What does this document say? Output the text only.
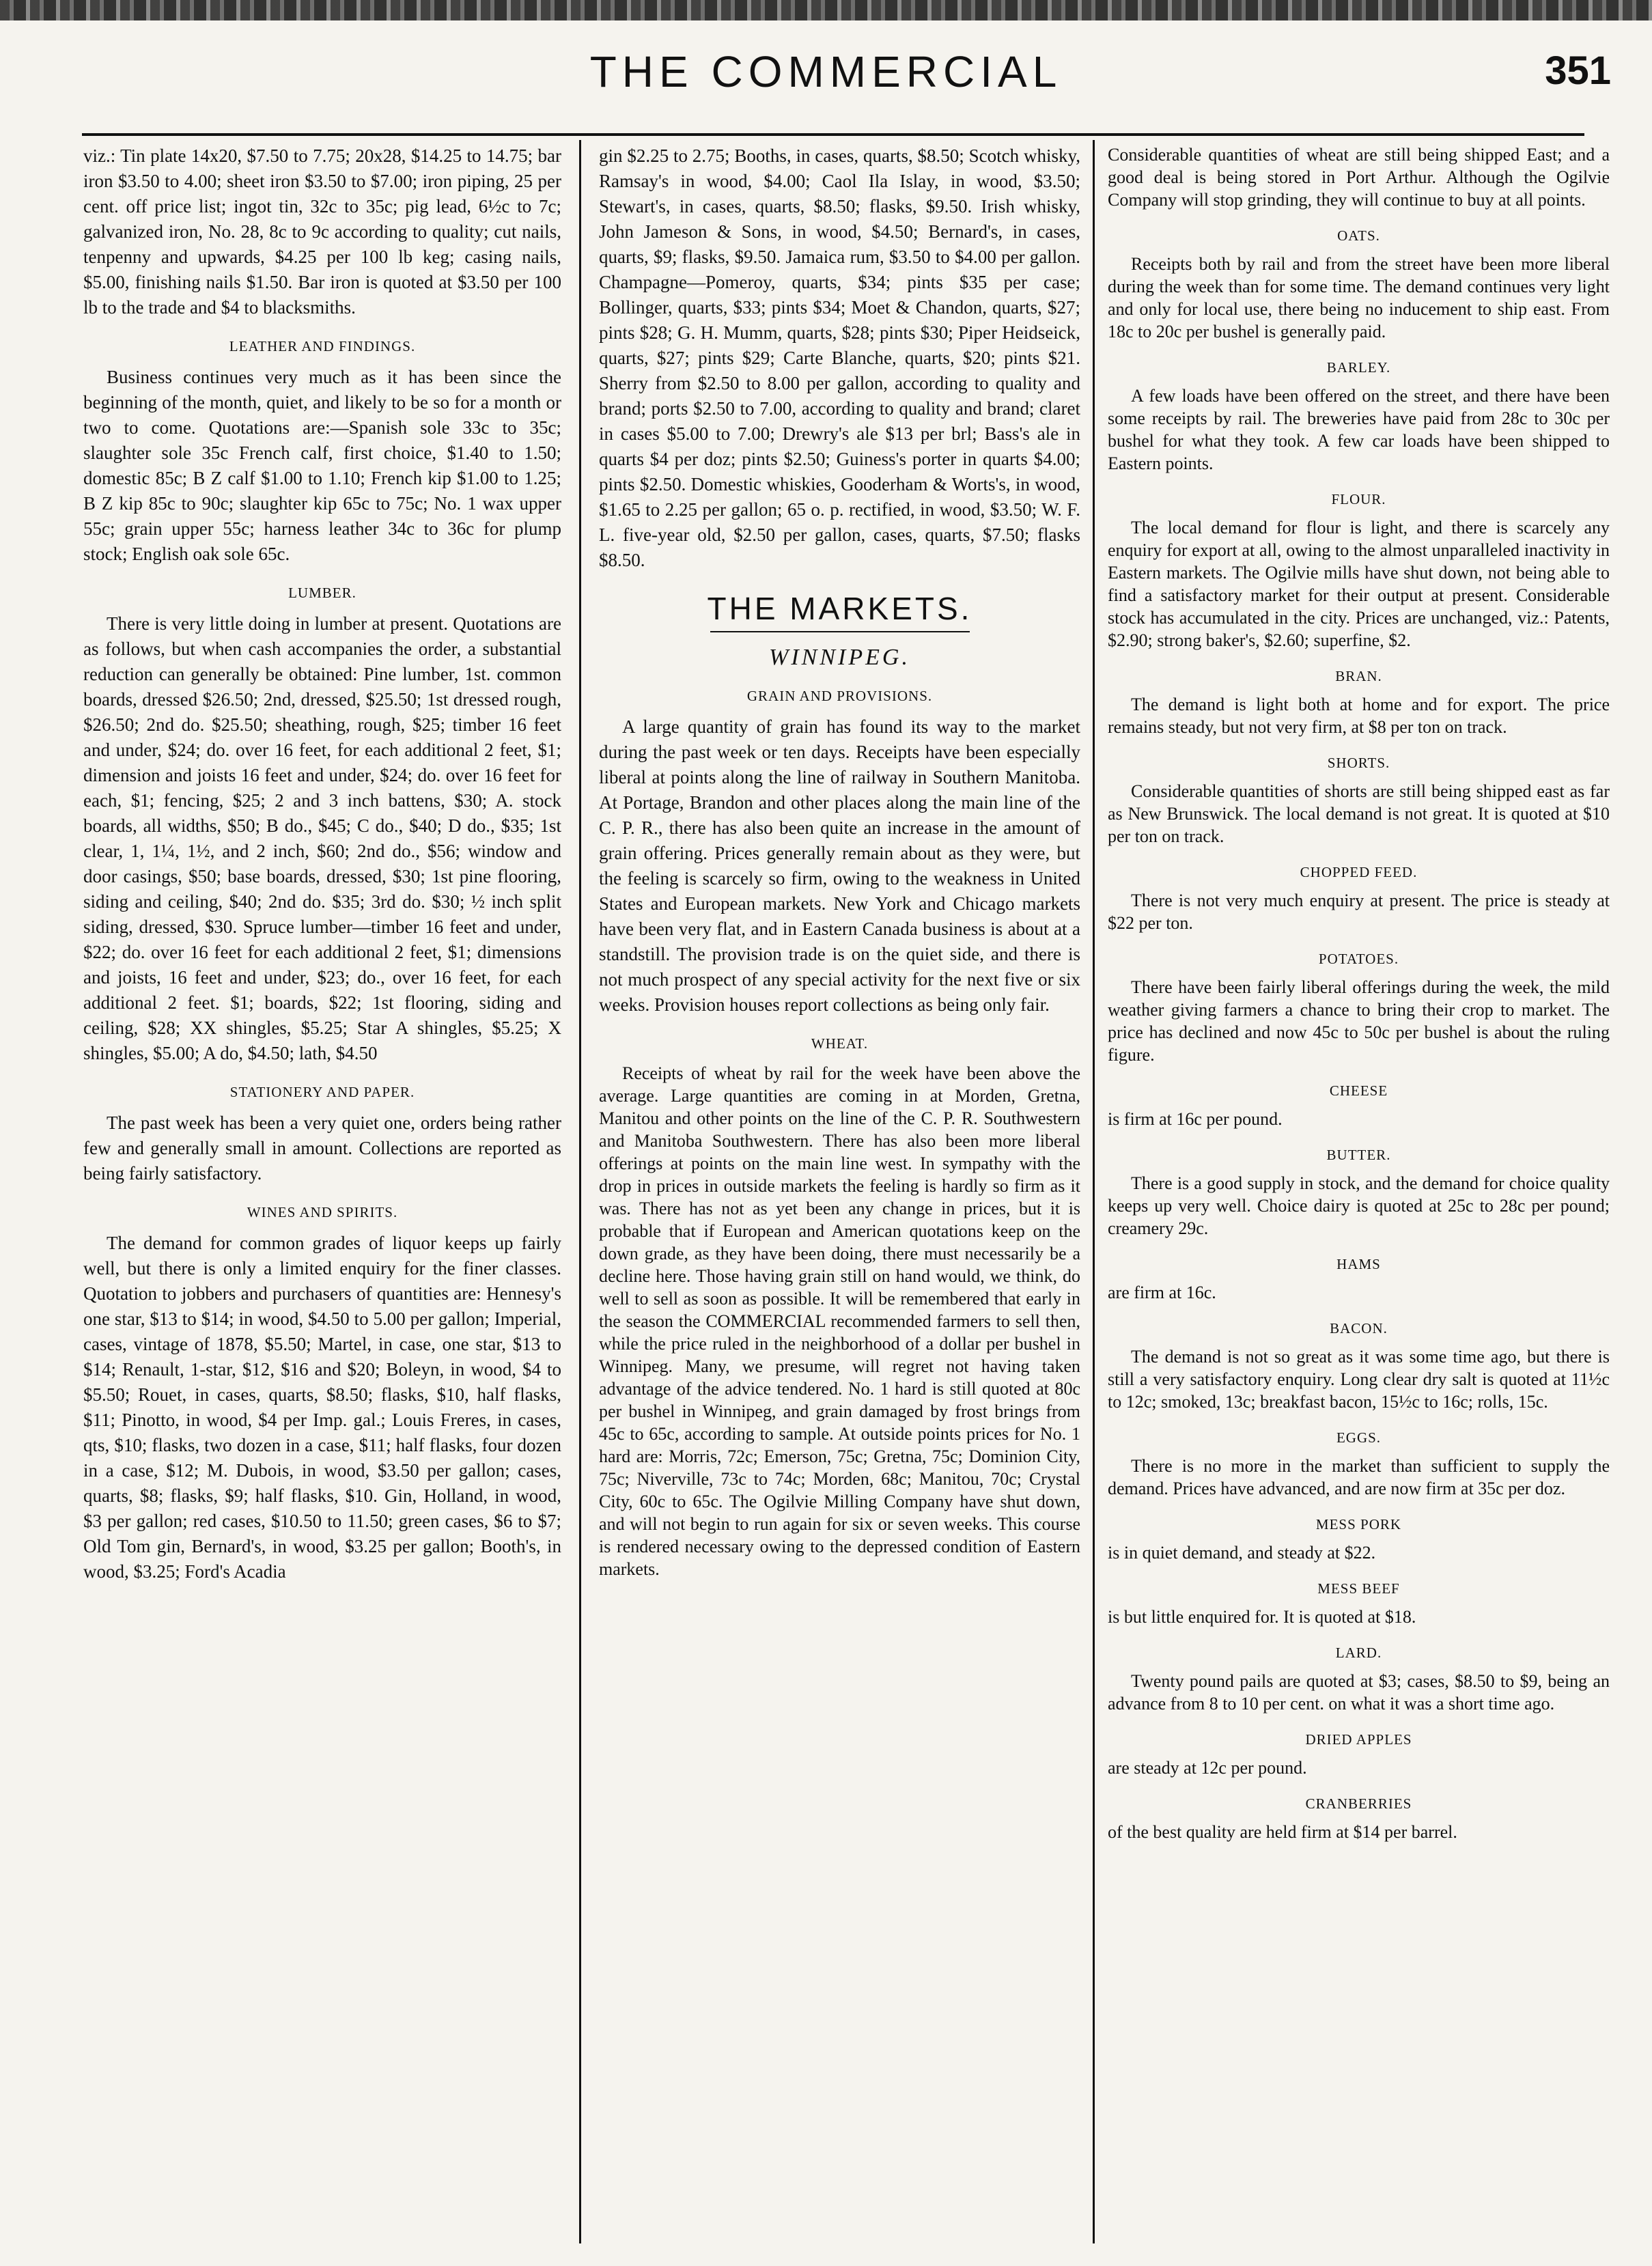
THE COMMERCIAL	351

viz.: Tin plate 14x20, $7.50 to 7.75; 20x28, $14.25 to 14.75; bar iron $3.50 to 4.00; sheet iron $3.50 to $7.00; iron piping, 25 per cent. off price list; ingot tin, 32c to 35c; pig lead, 6½c to 7c; galvanized iron, No. 28, 8c to 9c according to quality; cut nails, tenpenny and upwards, $4.25 per 100 lb keg; casing nails, $5.00, finishing nails $1.50. Bar iron is quoted at $3.50 per 100 lb to the trade and $4 to blacksmiths.

LEATHER AND FINDINGS.

Business continues very much as it has been since the beginning of the month, quiet, and likely to be so for a month or two to come. Quotations are:—Spanish sole 33c to 35c; slaughter sole 35c French calf, first choice, $1.40 to 1.50; domestic 85c; B Z calf $1.00 to 1.10; French kip $1.00 to 1.25; B Z kip 85c to 90c; slaughter kip 65c to 75c; No. 1 wax upper 55c; grain upper 55c; harness leather 34c to 36c for plump stock; English oak sole 65c.

LUMBER.

There is very little doing in lumber at present. Quotations are as follows, but when cash accompanies the order, a substantial reduction can generally be obtained: Pine lumber, 1st. common boards, dressed $26.50; 2nd, dressed, $25.50; 1st dressed rough, $26.50; 2nd do. $25.50; sheathing, rough, $25; timber 16 feet and under, $24; do. over 16 feet, for each additional 2 feet, $1; dimension and joists 16 feet and under, $24; do. over 16 feet for each, $1; fencing, $25; 2 and 3 inch battens, $30; A. stock boards, all widths, $50; B do., $45; C do., $40; D do., $35; 1st clear, 1, 1¼, 1½, and 2 inch, $60; 2nd do., $56; window and door casings, $50; base boards, dressed, $30; 1st pine flooring, siding and ceiling, $40; 2nd do. $35; 3rd do. $30; ½ inch split siding, dressed, $30. Spruce lumber—timber 16 feet and under, $22; do. over 16 feet for each additional 2 feet, $1; dimensions and joists, 16 feet and under, $23; do., over 16 feet, for each additional 2 feet. $1; boards, $22; 1st flooring, siding and ceiling, $28; XX shingles, $5.25; Star A shingles, $5.25; X shingles, $5.00; A do, $4.50; lath, $4.50

STATIONERY AND PAPER.

The past week has been a very quiet one, orders being rather few and generally small in amount. Collections are reported as being fairly satisfactory.

WINES AND SPIRITS.

The demand for common grades of liquor keeps up fairly well, but there is only a limited enquiry for the finer classes. Quotation to jobbers and purchasers of quantities are: Hennesy's one star, $13 to $14; in wood, $4.50 to 5.00 per gallon; Imperial, cases, vintage of 1878, $5.50; Martel, in case, one star, $13 to $14; Renault, 1-star, $12, $16 and $20; Boleyn, in wood, $4 to $5.50; Rouet, in cases, quarts, $8.50; flasks, $10, half flasks, $11; Pinotto, in wood, $4 per Imp. gal.; Louis Freres, in cases, qts, $10; flasks, two dozen in a case, $11; half flasks, four dozen in a case, $12; M. Dubois, in wood, $3.50 per gallon; cases, quarts, $8; flasks, $9; half flasks, $10. Gin, Holland, in wood, $3 per gallon; red cases, $10.50 to 11.50; green cases, $6 to $7; Old Tom gin, Bernard's, in wood, $3.25 per gallon; Booth's, in wood, $3.25; Ford's Acadia

gin $2.25 to 2.75; Booths, in cases, quarts, $8.50; Scotch whisky, Ramsay's in wood, $4.00; Caol Ila Islay, in wood, $3.50; Stewart's, in cases, quarts, $8.50; flasks, $9.50. Irish whisky, John Jameson & Sons, in wood, $4.50; Bernard's, in cases, quarts, $9; flasks, $9.50. Jamaica rum, $3.50 to $4.00 per gallon. Champagne—Pomeroy, quarts, $34; pints $35 per case; Bollinger, quarts, $33; pints $34; Moet & Chandon, quarts, $27; pints $28; G. H. Mumm, quarts, $28; pints $30; Piper Heidseick, quarts, $27; pints $29; Carte Blanche, quarts, $20; pints $21. Sherry from $2.50 to 8.00 per gallon, according to quality and brand; ports $2.50 to 7.00, according to quality and brand; claret in cases $5.00 to 7.00; Drewry's ale $13 per brl; Bass's ale in quarts $4 per doz; pints $2.50; Guiness's porter in quarts $4.00; pints $2.50. Domestic whiskies, Gooderham & Worts's, in wood, $1.65 to 2.25 per gallon; 65 o. p. rectified, in wood, $3.50; W. F. L. five-year old, $2.50 per gallon, cases, quarts, $7.50; flasks $8.50.

THE MARKETS.
WINNIPEG.
GRAIN AND PROVISIONS.

A large quantity of grain has found its way to the market during the past week or ten days. Receipts have been especially liberal at points along the line of railway in Southern Manitoba. At Portage, Brandon and other places along the main line of the C. P. R., there has also been quite an increase in the amount of grain offering. Prices generally remain about as they were, but the feeling is scarcely so firm, owing to the weakness in United States and European markets. New York and Chicago markets have been very flat, and in Eastern Canada business is about at a standstill. The provision trade is on the quiet side, and there is not much prospect of any special activity for the next five or six weeks. Provision houses report collections as being only fair.

WHEAT.

Receipts of wheat by rail for the week have been above the average. Large quantities are coming in at Morden, Gretna, Manitou and other points on the line of the C. P. R. Southwestern and Manitoba Southwestern. There has also been more liberal offerings at points on the main line west. In sympathy with the drop in prices in outside markets the feeling is hardly so firm as it was. There has not as yet been any change in prices, but it is probable that if European and American quotations keep on the down grade, as they have been doing, there must necessarily be a decline here. Those having grain still on hand would, we think, do well to sell as soon as possible. It will be remembered that early in the season the COMMERCIAL recommended farmers to sell then, while the price ruled in the neighborhood of a dollar per bushel in Winnipeg. Many, we presume, will regret not having taken advantage of the advice tendered. No. 1 hard is still quoted at 80c per bushel in Winnipeg, and grain damaged by frost brings from 45c to 65c, according to sample. At outside points prices for No. 1 hard are: Morris, 72c; Emerson, 75c; Gretna, 75c; Dominion City, 75c; Niverville, 73c to 74c; Morden, 68c; Manitou, 70c; Crystal City, 60c to 65c. The Ogilvie Milling Company have shut down, and will not begin to run again for six or seven weeks. This course is rendered necessary owing to the depressed condition of Eastern markets.

Considerable quantities of wheat are still being shipped East; and a good deal is being stored in Port Arthur. Although the Ogilvie Company will stop grinding, they will continue to buy at all points.

OATS.

Receipts both by rail and from the street have been more liberal during the week than for some time. The demand continues very light and only for local use, there being no inducement to ship east. From 18c to 20c per bushel is generally paid.

BARLEY.

A few loads have been offered on the street, and there have been some receipts by rail. The breweries have paid from 28c to 30c per bushel for what they took. A few car loads have been shipped to Eastern points.

FLOUR.

The local demand for flour is light, and there is scarcely any enquiry for export at all, owing to the almost unparalleled inactivity in Eastern markets. The Ogilvie mills have shut down, not being able to find a satisfactory market for their output at present. Considerable stock has accumulated in the city. Prices are unchanged, viz.: Patents, $2.90; strong baker's, $2.60; superfine, $2.

BRAN.

The demand is light both at home and for export. The price remains steady, but not very firm, at $8 per ton on track.

SHORTS.

Considerable quantities of shorts are still being shipped east as far as New Brunswick. The local demand is not great. It is quoted at $10 per ton on track.

CHOPPED FEED.

There is not very much enquiry at present. The price is steady at $22 per ton.

POTATOES.

There have been fairly liberal offerings during the week, the mild weather giving farmers a chance to bring their crop to market. The price has declined and now 45c to 50c per bushel is about the ruling figure.

CHEESE

is firm at 16c per pound.

BUTTER.

There is a good supply in stock, and the demand for choice quality keeps up very well. Choice dairy is quoted at 25c to 28c per pound; creamery 29c.

HAMS

are firm at 16c.

BACON.

The demand is not so great as it was some time ago, but there is still a very satisfactory enquiry. Long clear dry salt is quoted at 11½c to 12c; smoked, 13c; breakfast bacon, 15½c to 16c; rolls, 15c.

EGGS.

There is no more in the market than sufficient to supply the demand. Prices have advanced, and are now firm at 35c per doz.

MESS PORK

is in quiet demand, and steady at $22.

MESS BEEF

is but little enquired for. It is quoted at $18.

LARD.

Twenty pound pails are quoted at $3; cases, $8.50 to $9, being an advance from 8 to 10 per cent. on what it was a short time ago.

DRIED APPLES

are steady at 12c per pound.

CRANBERRIES

of the best quality are held firm at $14 per barrel.
